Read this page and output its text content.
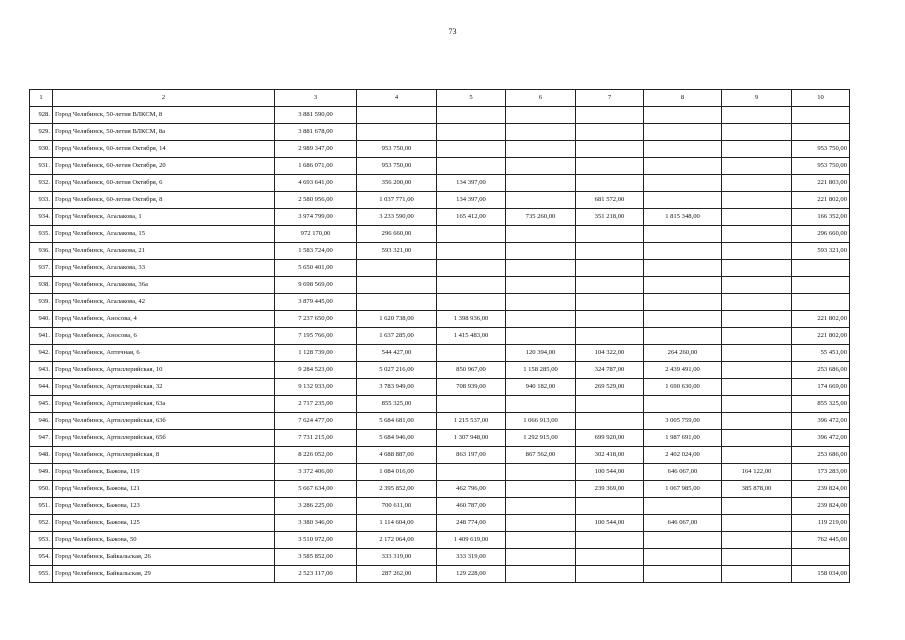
73
1	2	3	4	5	6	7	8	9	10
928.	Город Челябинск, 50-летия ВЛКСМ, 8	3 881 590,00							
929.	Город Челябинск, 50-летия ВЛКСМ, 8а	3 881 678,00							
930.	Город Челябинск, 60-летия Октября, 14	2 989 347,00	953 750,00						953 750,00
931.	Город Челябинск, 60-летия Октября, 20	1 686 071,00	953 750,00						953 750,00
932.	Город Челябинск, 60-летия Октября, 6	4 693 641,00	356 200,00	134 397,00					221 803,00
933.	Город Челябинск, 60-летия Октября, 8	2 580 956,00	1 037 771,00	134 397,00		681 572,00			221 802,00
934.	Город Челябинск, Агалакова, 1	3 974 799,00	3 233 590,00	165 412,00	735 260,00	351 218,00	1 815 348,00		166 352,00
935.	Город Челябинск, Агалакова, 15	972 170,00	296 660,00						296 660,00
936.	Город Челябинск, Агалакова, 21	1 583 724,00	593 321,00						593 321,00
937.	Город Челябинск, Агалакова, 33	5 650 401,00							
938.	Город Челябинск, Агалакова, 36а	9 698 569,00							
939.	Город Челябинск, Агалакова, 42	3 879 445,00							
940.	Город Челябинск, Аносова, 4	7 237 650,00	1 620 738,00	1 398 936,00					221 802,00
941.	Город Челябинск, Аносова, 6	7 195 766,00	1 637 285,00	1 415 483,00					221 802,00
942.	Город Челябинск, Аптечная, 6	1 128 739,00	544 427,00		120 394,00	104 322,00	264 260,00		55 451,00
943.	Город Челябинск, Артиллерийская, 10	9 284 523,00	5 027 216,00	850 967,00	1 158 285,00	324 787,00	2 439 491,00		253 686,00
944.	Город Челябинск, Артиллерийская, 32	9 132 933,00	3 783 949,00	708 939,00	940 182,00	269 529,00	1 690 630,00		174 669,00
945.	Город Челябинск, Артиллерийская, 63а	2 717 235,00	855 325,00						855 325,00
946.	Город Челябинск, Артиллерийская, 63б	7 624 477,00	5 684 681,00	1 215 537,00	1 066 913,00		3 005 759,00		396 472,00
947.	Город Челябинск, Артиллерийская, 65б	7 731 215,00	5 684 946,00	1 307 948,00	1 292 915,00	699 920,00	1 987 691,00		396 472,00
948.	Город Челябинск, Артиллерийская, 8	8 226 052,00	4 688 887,00	863 197,00	867 562,00	302 418,00	2 402 024,00		253 686,00
949.	Город Челябинск, Бажова, 119	3 372 406,00	1 084 016,00			100 544,00	646 067,00	164 122,00	173 283,00
950.	Город Челябинск, Бажова, 121	5 667 634,00	2 395 852,00	462 796,00		239 369,00	1 067 985,00	385 878,00	239 824,00
951.	Город Челябинск, Бажова, 123	3 286 225,00	700 611,00	460 787,00					239 824,00
952.	Город Челябинск, Бажова, 125	3 380 346,00	1 114 604,00	248 774,00		100 544,00	646 067,00		119 219,00
953.	Город Челябинск, Бажова, 50	3 510 972,00	2 172 064,00	1 409 619,00					762 445,00
954.	Город Челябинск, Байкальская, 26	3 585 852,00	333 319,00	333 319,00					
955.	Город Челябинск, Байкальская, 29	2 523 117,00	287 262,00	129 228,00					158 034,00
